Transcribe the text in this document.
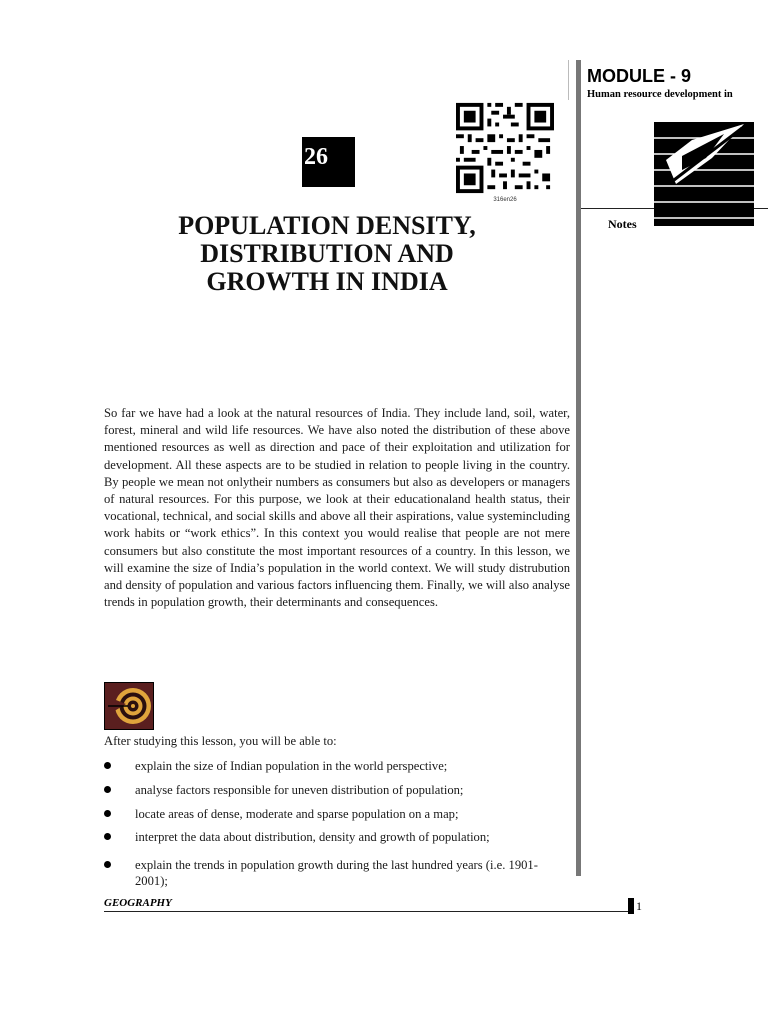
26
316en26
POPULATION DENSITY,
DISTRIBUTION AND
GROWTH IN INDIA
MODULE - 9
Human resource development in
Notes
So far we have had a look at the natural resources of India. They include land, soil, water, forest, mineral and wild life resources. We have also noted the distribution of these above mentioned resources as well as direction and pace of their exploitation and utilization for development. All these aspects are to be studied in relation to people living in the country. By people we mean not onlytheir numbers as consumers but also as developers or managers of natural resources. For this purpose, we look at their educationaland health status, their vocational, technical, and social skills and above all their aspirations, value systemincluding work habits or “work ethics”. In this context you would realise that people are not mere consumers but also constitute the most important resources of a country. In this lesson, we will examine the size of India’s population in the world context. We will study distrubution and density of population and various factors influencing them. Finally, we will also analyse trends in population growth, their determinants and consequences.
After studying this lesson, you will be able to:
explain the size of Indian population in the world perspective;
analyse factors responsible for uneven distribution of population;
locate areas of dense, moderate and sparse population on a map;
interpret the data about distribution, density and growth of population;
explain the trends in population growth during the last hundred years (i.e. 1901-2001);
GEOGRAPHY	1
